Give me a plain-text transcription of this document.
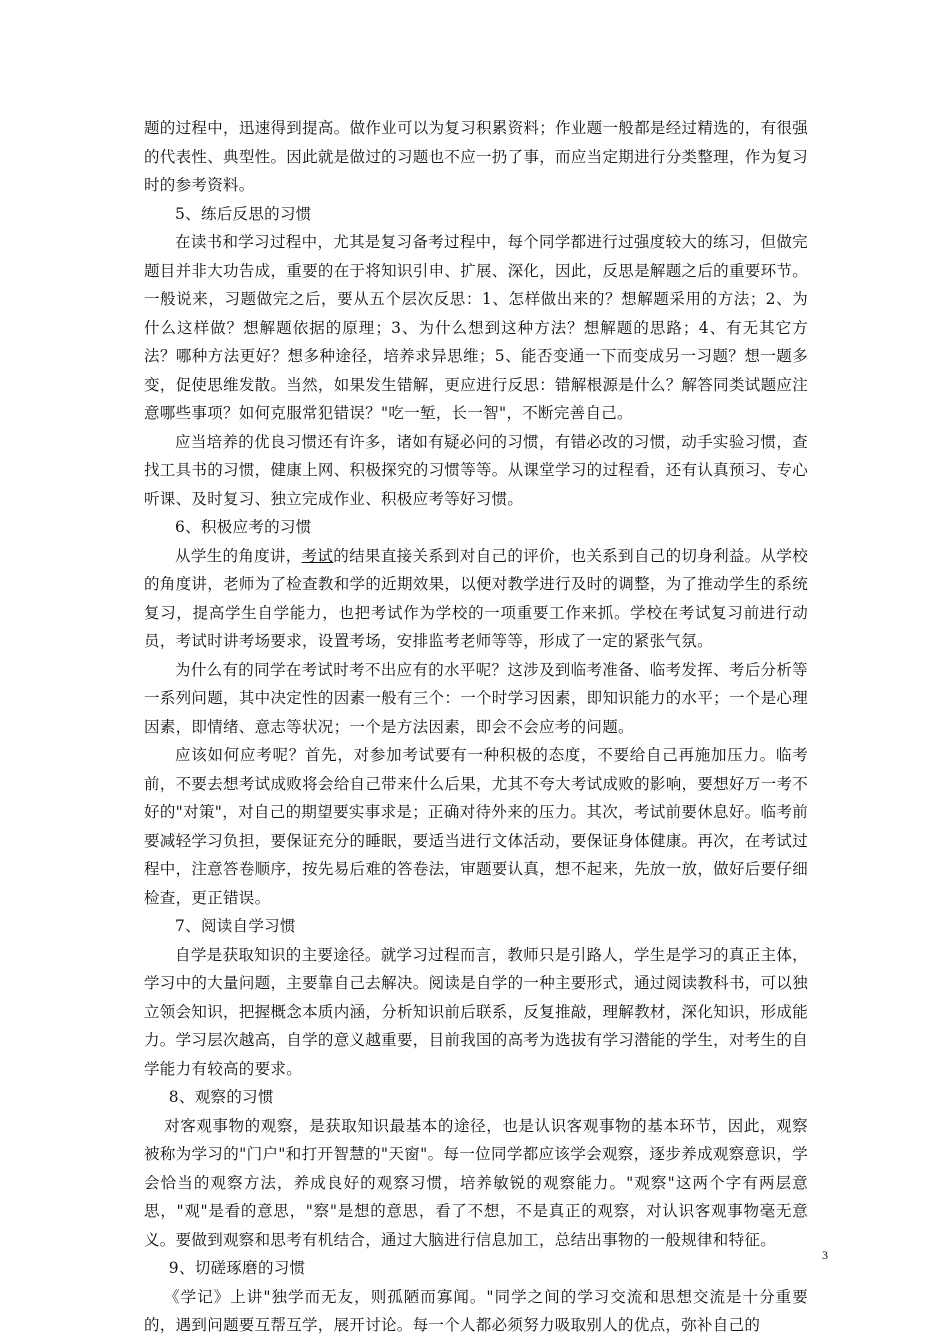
题的过程中，迅速得到提高。做作业可以为复习积累资料；作业题一般都是经过精选的，有很强的代表性、典型性。因此就是做过的习题也不应一扔了事，而应当定期进行分类整理，作为复习时的参考资料。

5、练后反思的习惯

在读书和学习过程中，尤其是复习备考过程中，每个同学都进行过强度较大的练习，但做完题目并非大功告成，重要的在于将知识引申、扩展、深化，因此，反思是解题之后的重要环节。一般说来，习题做完之后，要从五个层次反思：1、怎样做出来的？想解题采用的方法；2、为什么这样做？想解题依据的原理；3、为什么想到这种方法？想解题的思路；4、有无其它方法？哪种方法更好？想多种途径，培养求异思维；5、能否变通一下而变成另一习题？想一题多变，促使思维发散。当然，如果发生错解，更应进行反思：错解根源是什么？解答同类试题应注意哪些事项？如何克服常犯错误？"吃一堑，长一智"，不断完善自己。

应当培养的优良习惯还有许多，诸如有疑必问的习惯，有错必改的习惯，动手实验习惯，查找工具书的习惯，健康上网、积极探究的习惯等等。从课堂学习的过程看，还有认真预习、专心听课、及时复习、独立完成作业、积极应考等好习惯。

6、积极应考的习惯

从学生的角度讲，考试的结果直接关系到对自己的评价，也关系到自己的切身利益。从学校的角度讲，老师为了检查教和学的近期效果，以便对教学进行及时的调整，为了推动学生的系统复习，提高学生自学能力，也把考试作为学校的一项重要工作来抓。学校在考试复习前进行动员，考试时讲考场要求，设置考场，安排监考老师等等，形成了一定的紧张气氛。

为什么有的同学在考试时考不出应有的水平呢？这涉及到临考准备、临考发挥、考后分析等一系列问题，其中决定性的因素一般有三个：一个时学习因素，即知识能力的水平；一个是心理因素，即情绪、意志等状况；一个是方法因素，即会不会应考的问题。

应该如何应考呢？首先，对参加考试要有一种积极的态度，不要给自己再施加压力。临考前，不要去想考试成败将会给自己带来什么后果，尤其不夸大考试成败的影响，要想好万一考不好的"对策"，对自己的期望要实事求是；正确对待外来的压力。其次，考试前要休息好。临考前要减轻学习负担，要保证充分的睡眠，要适当进行文体活动，要保证身体健康。再次，在考试过程中，注意答卷顺序，按先易后难的答卷法，审题要认真，想不起来，先放一放，做好后要仔细检查，更正错误。

7、阅读自学习惯

自学是获取知识的主要途径。就学习过程而言，教师只是引路人，学生是学习的真正主体，学习中的大量问题，主要靠自己去解决。阅读是自学的一种主要形式，通过阅读教科书，可以独立领会知识，把握概念本质内涵，分析知识前后联系，反复推敲，理解教材，深化知识，形成能力。学习层次越高，自学的意义越重要，目前我国的高考为选拔有学习潜能的学生，对考生的自学能力有较高的要求。

8、观察的习惯

对客观事物的观察，是获取知识最基本的途径，也是认识客观事物的基本环节，因此，观察被称为学习的"门户"和打开智慧的"天窗"。每一位同学都应该学会观察，逐步养成观察意识，学会恰当的观察方法，养成良好的观察习惯，培养敏锐的观察能力。"观察"这两个字有两层意思，"观"是看的意思，"察"是想的意思，看了不想，不是真正的观察，对认识客观事物毫无意义。要做到观察和思考有机结合，通过大脑进行信息加工，总结出事物的一般规律和特征。

9、切磋琢磨的习惯

《学记》上讲"独学而无友，则孤陋而寡闻。"同学之间的学习交流和思想交流是十分重要的，遇到问题要互帮互学，展开讨论。每一个人都必须努力吸取别人的优点，弥补自己的

3
